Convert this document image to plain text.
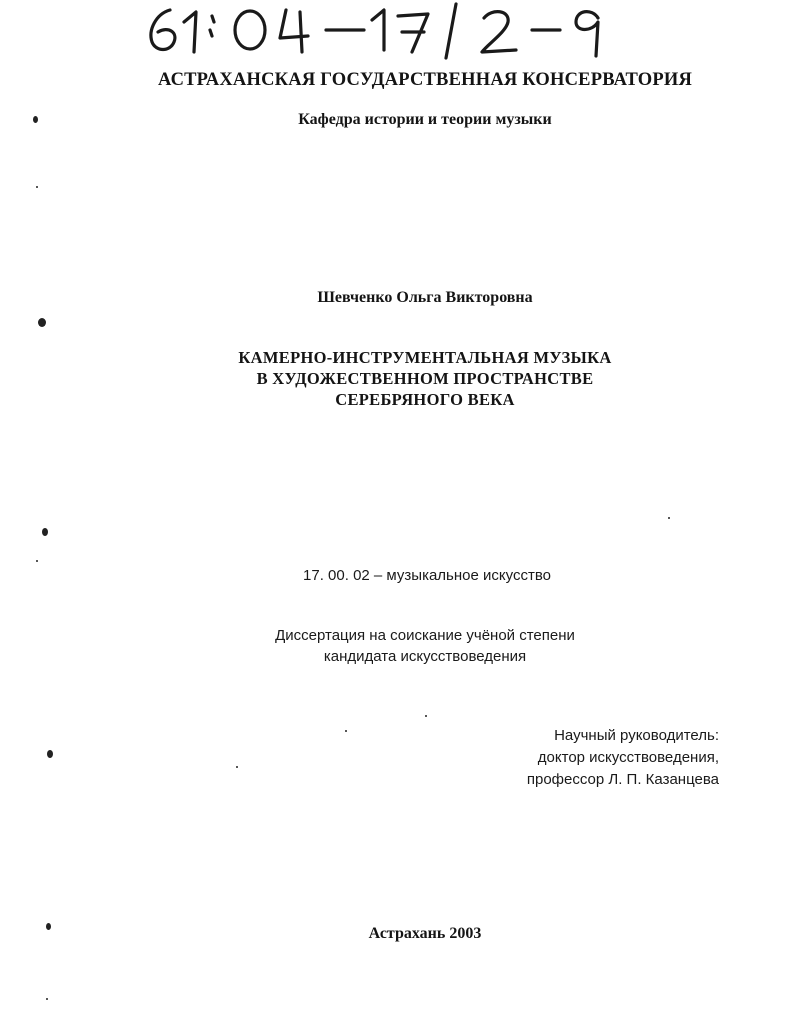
АСТРАХАНСКАЯ ГОСУДАРСТВЕННАЯ КОНСЕРВАТОРИЯ
Кафедра истории и теории музыки
Шевченко Ольга Викторовна
КАМЕРНО-ИНСТРУМЕНТАЛЬНАЯ МУЗЫКА
В ХУДОЖЕСТВЕННОМ ПРОСТРАНСТВЕ
СЕРЕБРЯНОГО ВЕКА
17. 00. 02 – музыкальное искусство
Диссертация на соискание учёной степени
кандидата искусствоведения
Научный руководитель:
доктор искусствоведения,
профессор Л. П. Казанцева
Астрахань 2003
